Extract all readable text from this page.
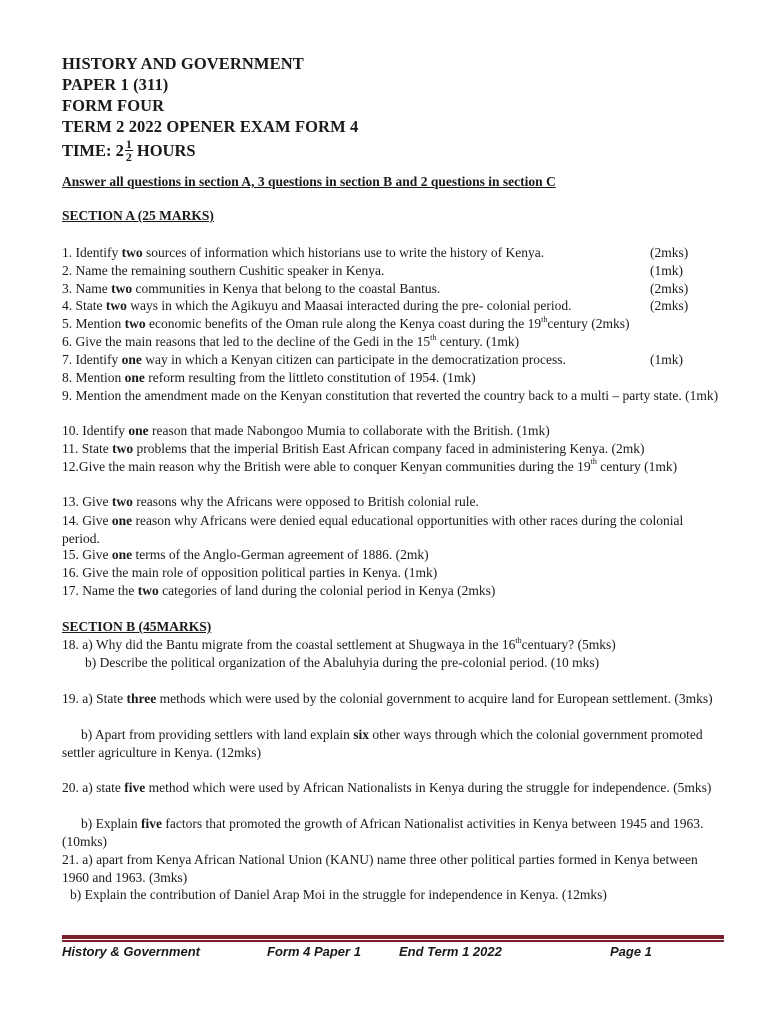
HISTORY AND GOVERNMENT
PAPER 1 (311)
FORM FOUR
TERM 2 2022 OPENER EXAM FORM 4
TIME: $2 \frac{1}{2}$ HOURS
Answer all questions in section A, 3 questions in section B and 2 questions in section C
SECTION A (25 MARKS)
1. Identify two sources of information which historians use to write the history of Kenya.	(2mks)
2. Name the remaining southern Cushitic speaker in Kenya.	(1mk)
3. Name two communities in Kenya that belong to the coastal Bantus.	(2mks)
4. State two ways in which the Agikuyu and Maasai interacted during the pre- colonial period.	(2mks)
5. Mention two economic benefits of the Oman rule along the Kenya coast during the 19thcentury (2mks)
6. Give the main reasons that led to the decline of the Gedi in the 15th century. (1mk)
7. Identify one way in which a Kenyan citizen can participate in the democratization process.	(1mk)
8. Mention one reform resulting from the littleto constitution of 1954. (1mk)
9. Mention the amendment made on the Kenyan constitution that reverted the country back to a multi – party state. (1mk)
10. Identify one reason that made Nabongoo Mumia to collaborate with the British. (1mk)
11. State two problems that the imperial British East African company faced in administering Kenya. (2mk)
12.Give the main reason why the British were able to conquer Kenyan communities during the 19th century (1mk)
13. Give two reasons why the Africans were opposed to British colonial rule.
14. Give one reason why Africans were denied equal educational opportunities with other races during the colonial period.
15. Give one terms of the Anglo-German agreement of 1886. (2mk)
16. Give the main role of opposition political parties in Kenya. (1mk)
17. Name the two categories of land during the colonial period in Kenya (2mks)
SECTION B (45MARKS)
18. a) Why did the Bantu migrate from the coastal settlement at Shugwaya in the 16thcentuary? (5mks)
b) Describe the political organization of the Abaluhyia during the pre-colonial period. (10 mks)
19. a) State three methods which were used by the colonial government to acquire land for European settlement. (3mks)
b) Apart from providing settlers with land explain six other ways through which the colonial government promoted settler agriculture in Kenya. (12mks)
20. a) state five method which were used by African Nationalists in Kenya during the struggle for independence. (5mks)
b) Explain five factors that promoted the growth of African Nationalist activities in Kenya between 1945 and 1963. (10mks)
21. a) apart from Kenya African National Union (KANU) name three other political parties formed in Kenya between 1960 and 1963. (3mks)
b) Explain the contribution of Daniel Arap Moi in the struggle for independence in Kenya. (12mks)
History & Government	Form 4 Paper 1	End Term 1 2022	Page 1
